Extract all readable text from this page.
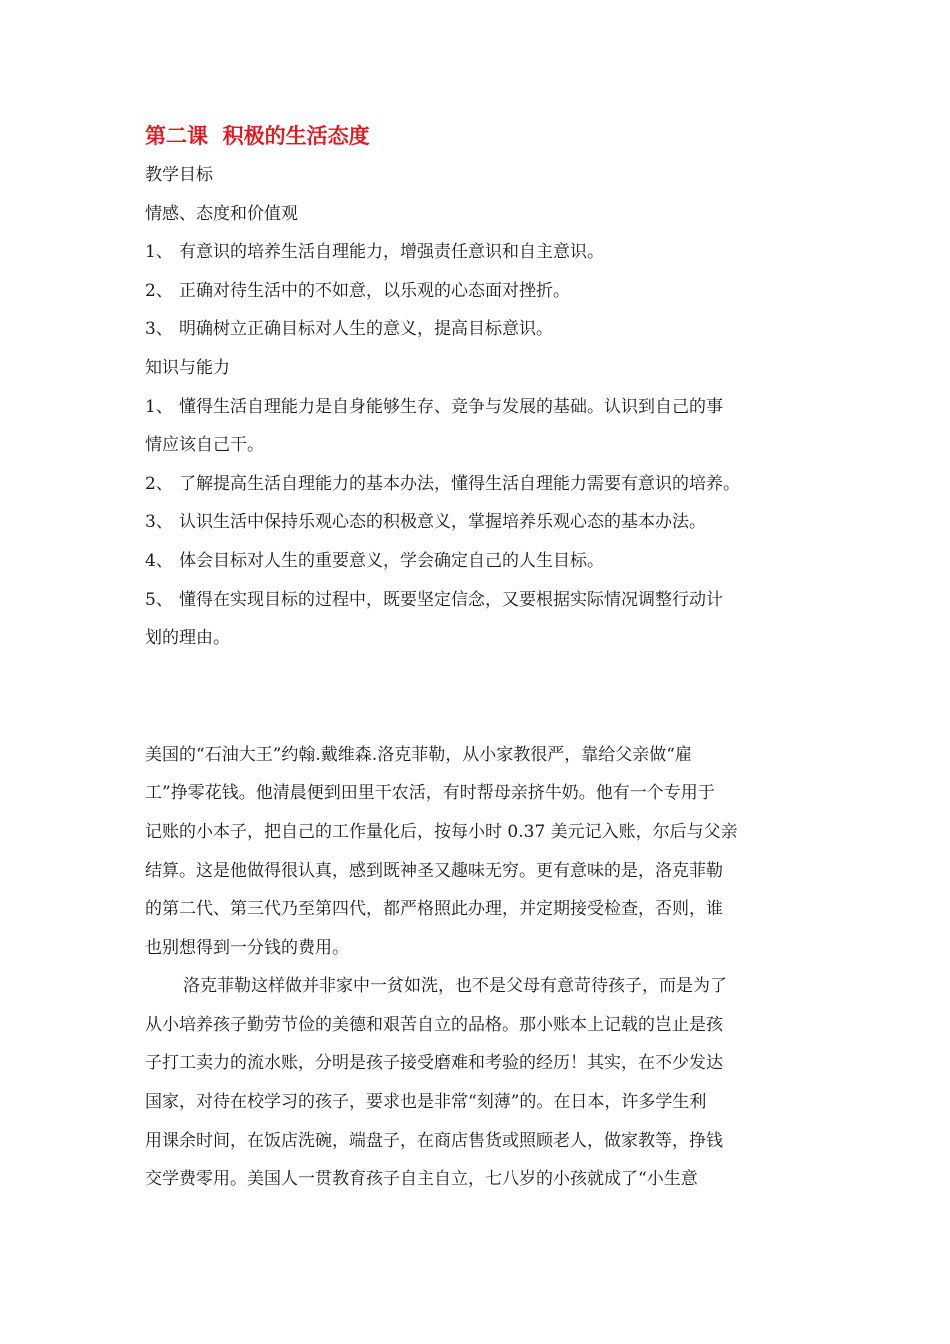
第二课  积极的生活态度
教学目标
情感、态度和价值观
1、 有意识的培养生活自理能力，增强责任意识和自主意识。
2、 正确对待生活中的不如意，以乐观的心态面对挫折。
3、 明确树立正确目标对人生的意义，提高目标意识。
知识与能力
1、 懂得生活自理能力是自身能够生存、竞争与发展的基础。认识到自己的事
情应该自己干。
2、 了解提高生活自理能力的基本办法，懂得生活自理能力需要有意识的培养。
3、 认识生活中保持乐观心态的积极意义，掌握培养乐观心态的基本办法。
4、 体会目标对人生的重要意义，学会确定自己的人生目标。
5、 懂得在实现目标的过程中，既要坚定信念，又要根据实际情况调整行动计
划的理由。
美国的“石油大王”约翰.戴维森.洛克菲勒，从小家教很严，靠给父亲做“雇
工”挣零花钱。他清晨便到田里干农活，有时帮母亲挤牛奶。他有一个专用于
记账的小本子，把自己的工作量化后，按每小时 0.37 美元记入账，尔后与父亲
结算。这是他做得很认真，感到既神圣又趣味无穷。更有意味的是，洛克菲勒
的第二代、第三代乃至第四代，都严格照此办理，并定期接受检查，否则，谁
也别想得到一分钱的费用。
洛克菲勒这样做并非家中一贫如洗，也不是父母有意苛待孩子，而是为了
从小培养孩子勤劳节俭的美德和艰苦自立的品格。那小账本上记载的岂止是孩
子打工卖力的流水账，分明是孩子接受磨难和考验的经历！其实，在不少发达
国家，对待在校学习的孩子，要求也是非常“刻薄”的。在日本，许多学生利
用课余时间，在饭店洗碗，端盘子，在商店售货或照顾老人，做家教等，挣钱
交学费零用。美国人一贯教育孩子自主自立，七八岁的小孩就成了“小生意
